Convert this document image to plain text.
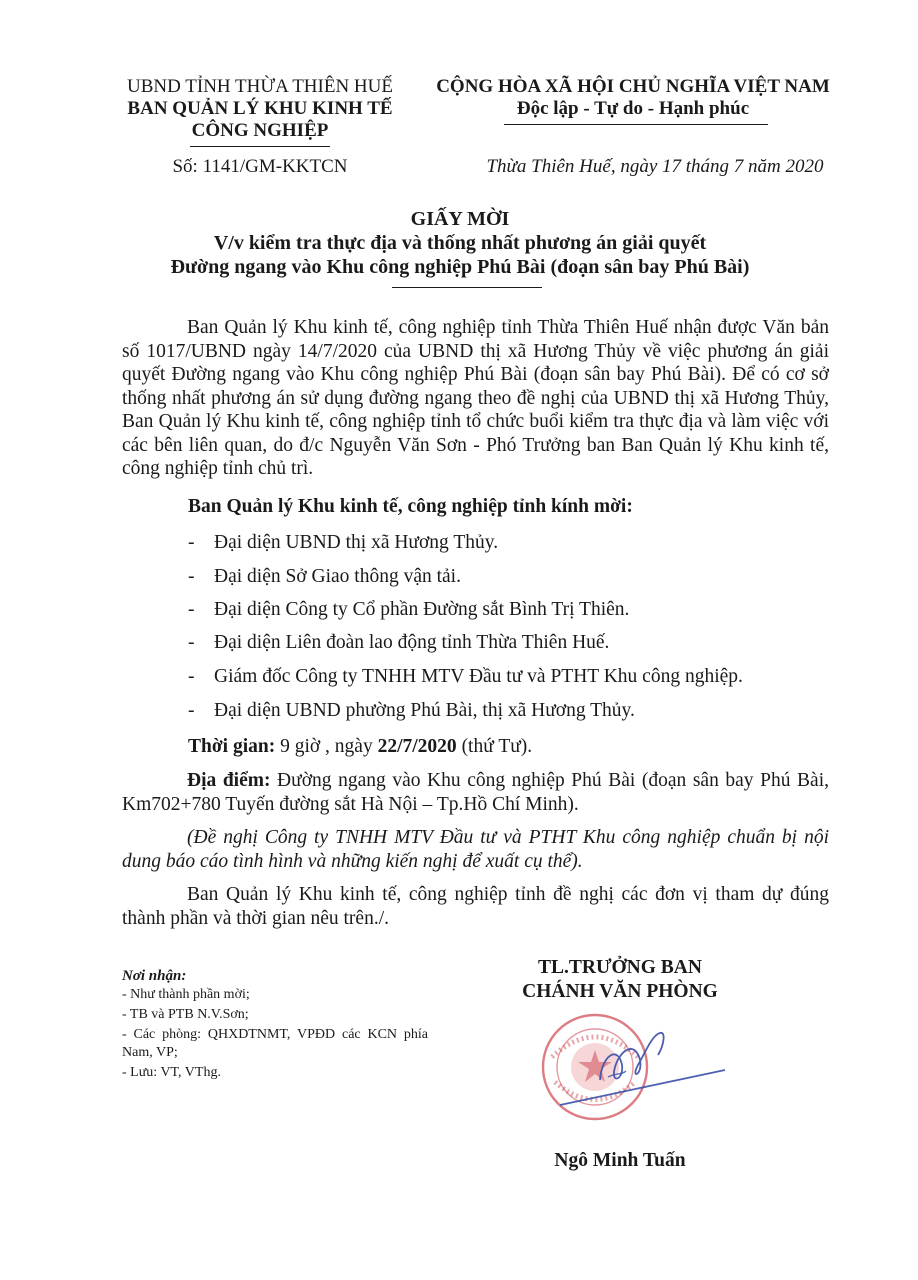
UBND TỈNH THỪA THIÊN HUẾ
BAN QUẢN LÝ KHU KINH TẾ
CÔNG NGHIỆP
Số: 1141/GM-KKTCN
CỘNG HÒA XÃ HỘI CHỦ NGHĨA VIỆT NAM
Độc lập - Tự do - Hạnh phúc
Thừa Thiên Huế, ngày 17 tháng 7 năm 2020
GIẤY MỜI
V/v kiểm tra thực địa và thống nhất phương án giải quyết
Đường ngang vào Khu công nghiệp Phú Bài (đoạn sân bay Phú Bài)
Ban Quản lý Khu kinh tế, công nghiệp tỉnh Thừa Thiên Huế nhận được Văn bản số 1017/UBND ngày 14/7/2020 của UBND thị xã Hương Thủy về việc phương án giải quyết Đường ngang vào Khu công nghiệp Phú Bài (đoạn sân bay Phú Bài). Để có cơ sở thống nhất phương án sử dụng đường ngang theo đề nghị của UBND thị xã Hương Thủy, Ban Quản lý Khu kinh tế, công nghiệp tỉnh tổ chức buổi kiểm tra thực địa và làm việc với các bên liên quan, do đ/c Nguyễn Văn Sơn - Phó Trưởng ban Ban Quản lý Khu kinh tế, công nghiệp tỉnh chủ trì.
Ban Quản lý Khu kinh tế, công nghiệp tỉnh kính mời:
- Đại diện UBND thị xã Hương Thủy.
- Đại diện Sở Giao thông vận tải.
- Đại diện Công ty Cổ phần Đường sắt Bình Trị Thiên.
- Đại diện Liên đoàn lao động tỉnh Thừa Thiên Huế.
- Giám đốc Công ty TNHH MTV Đầu tư và PTHT Khu công nghiệp.
- Đại diện UBND phường Phú Bài, thị xã Hương Thủy.
Thời gian: 9 giờ , ngày 22/7/2020 (thứ Tư).
Địa điểm: Đường ngang vào Khu công nghiệp Phú Bài (đoạn sân bay Phú Bài, Km702+780 Tuyến đường sắt Hà Nội – Tp.Hồ Chí Minh).
(Đề nghị Công ty TNHH MTV Đầu tư và PTHT Khu công nghiệp chuẩn bị nội dung báo cáo tình hình và những kiến nghị để xuất cụ thể).
Ban Quản lý Khu kinh tế, công nghiệp tỉnh đề nghị các đơn vị tham dự đúng thành phần và thời gian nêu trên./.
Nơi nhận:
- Như thành phần mời;
- TB và PTB N.V.Sơn;
- Các phòng: QHXDTNMT, VPĐD các KCN phía Nam, VP;
- Lưu: VT, VThg.
TL.TRƯỞNG BAN
CHÁNH VĂN PHÒNG
Ngô Minh Tuấn
